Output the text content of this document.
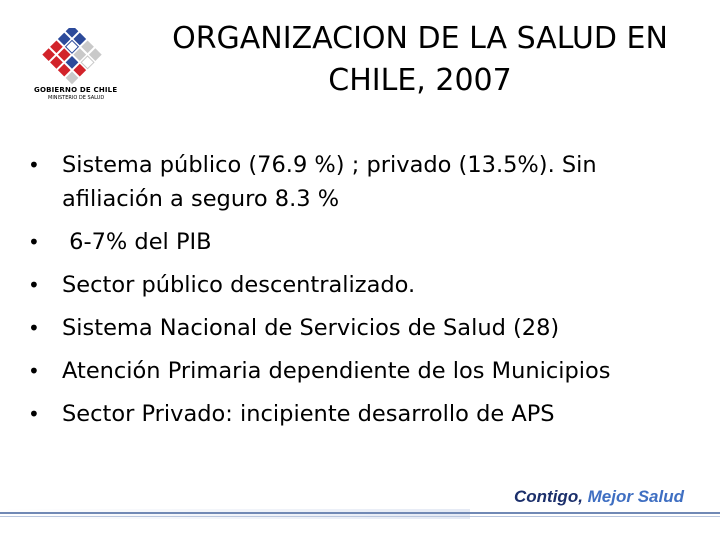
GOBIERNO DE CHILE
MINISTERIO DE SALUD
ORGANIZACION DE LA SALUD EN
CHILE, 2007
• Sistema público (76.9 %) ; privado (13.5%). Sin
afiliación a seguro 8.3 %
• 6-7% del PIB
• Sector público descentralizado.
• Sistema Nacional de Servicios de Salud (28)
• Atención Primaria dependiente de los Municipios
• Sector Privado: incipiente desarrollo de APS
Contigo, Mejor Salud
